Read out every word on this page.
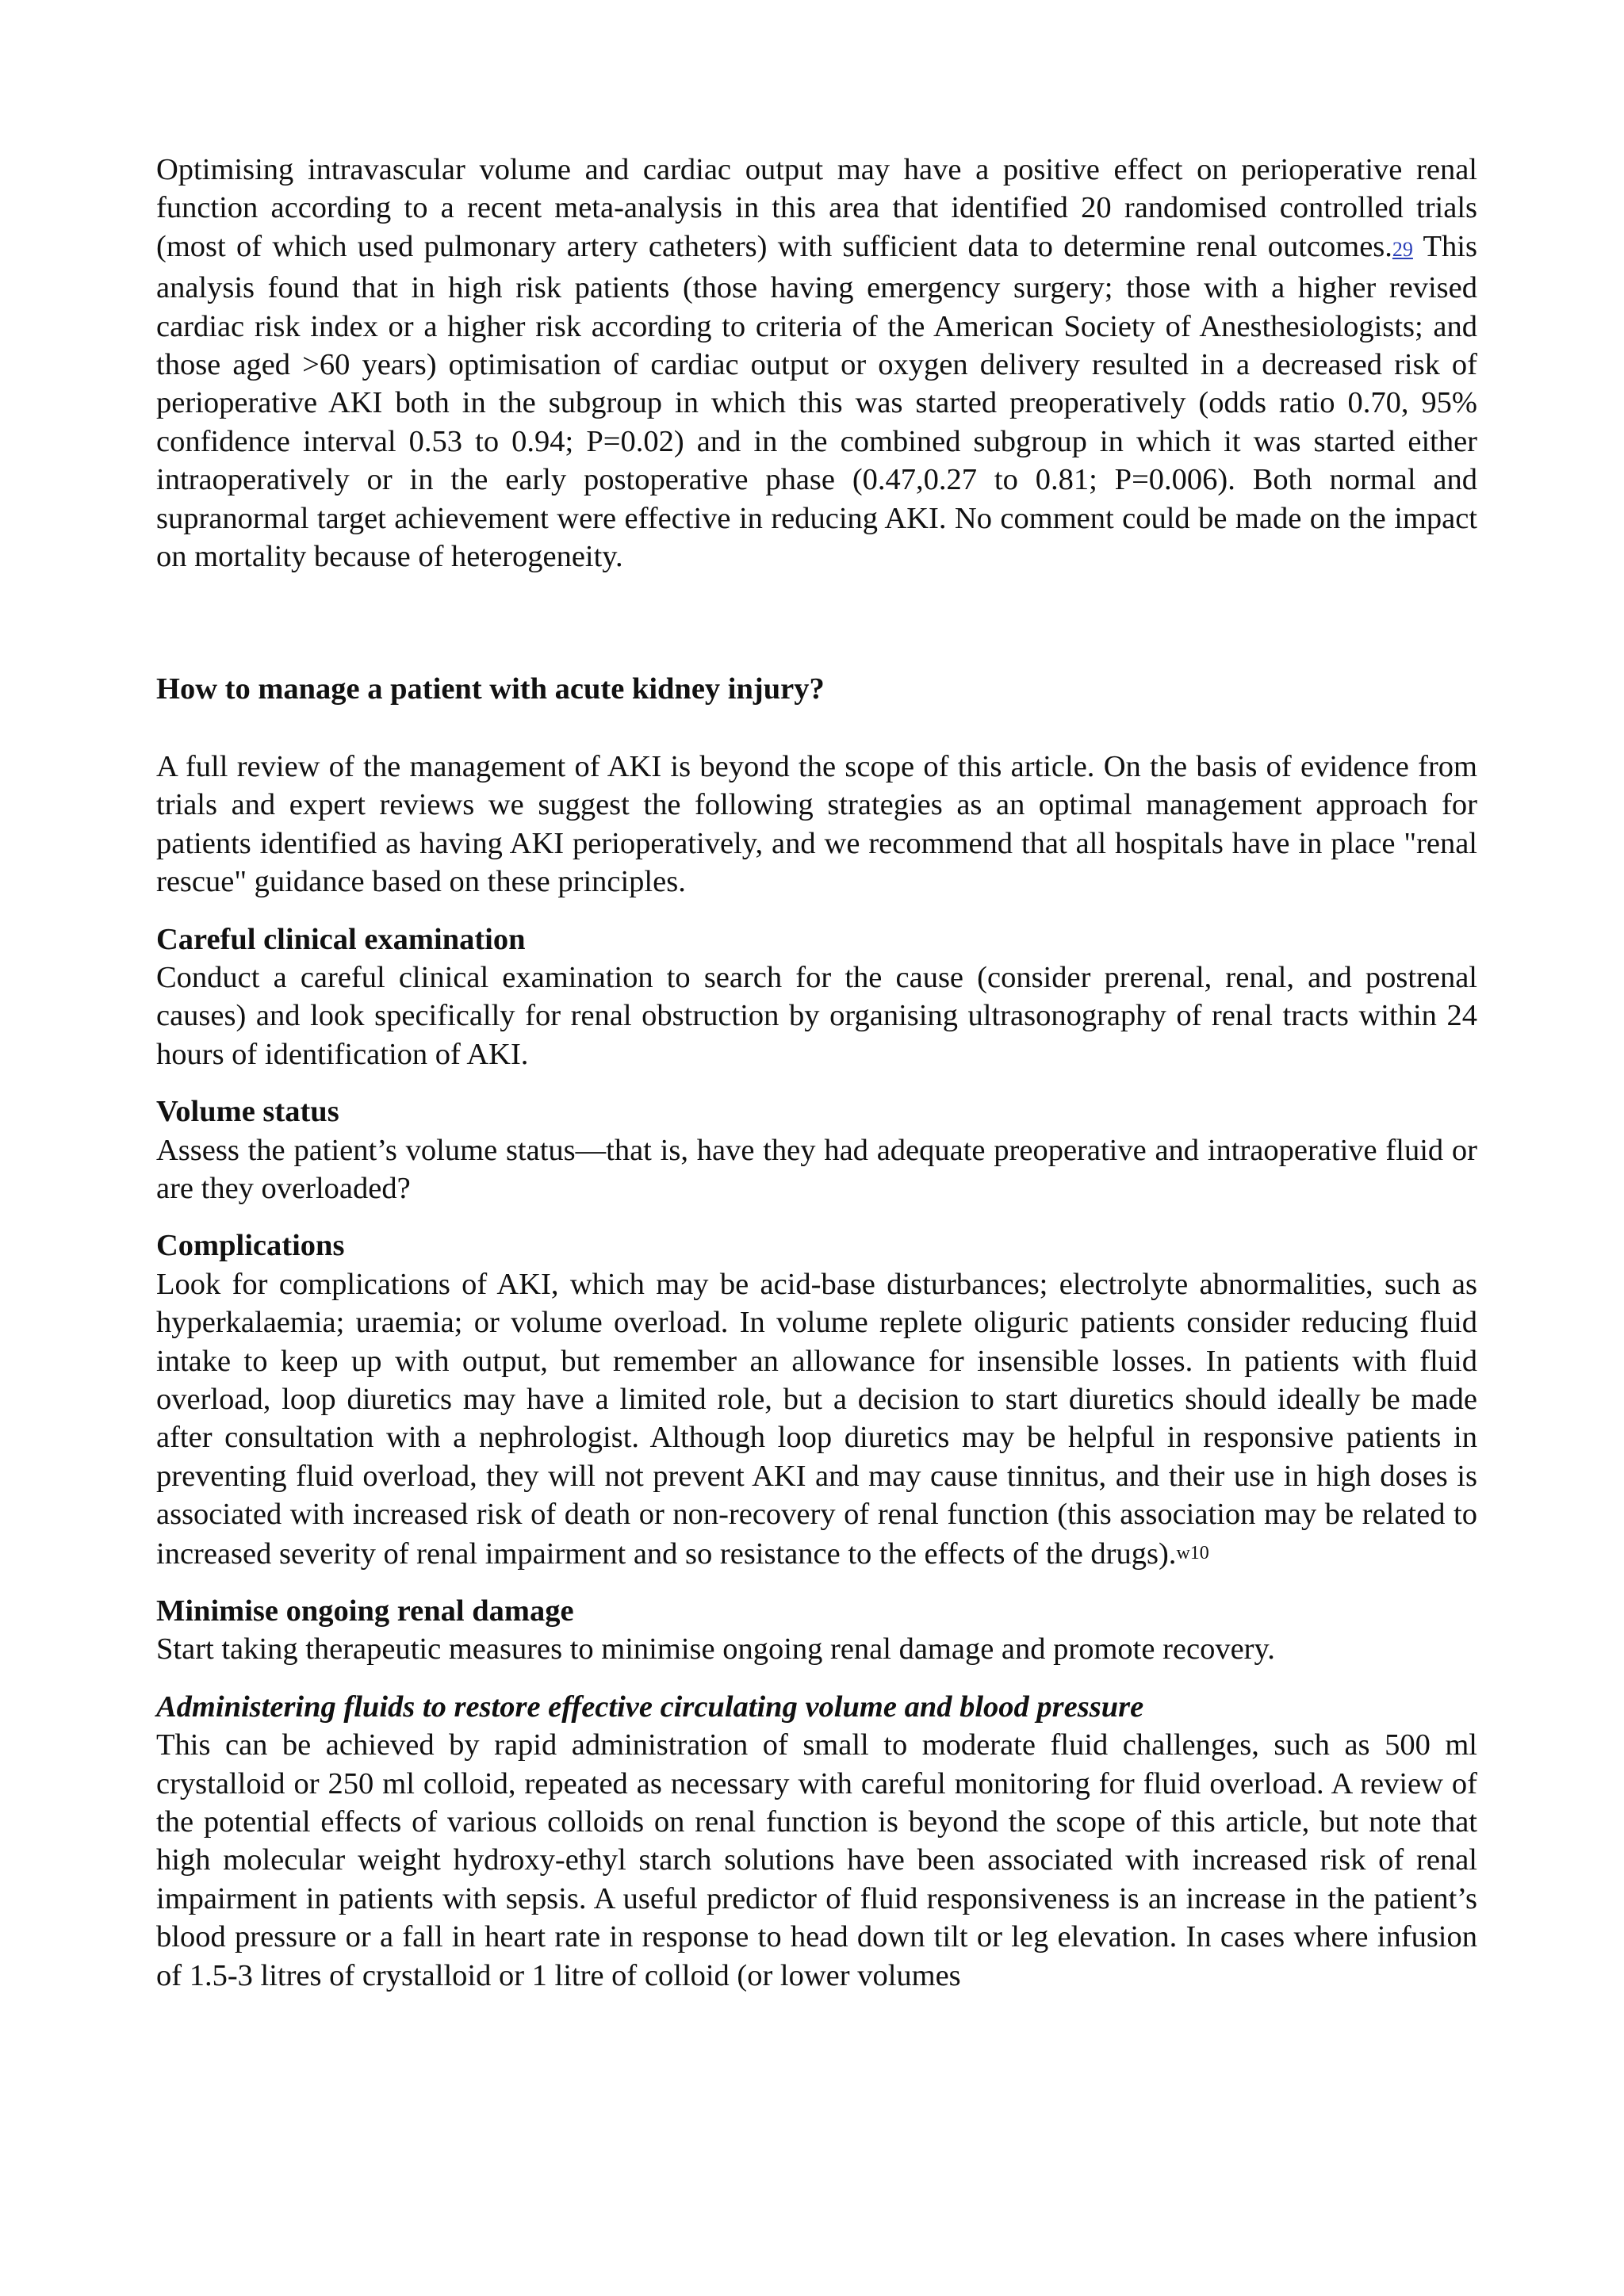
Optimising intravascular volume and cardiac output may have a positive effect on perioperative renal function according to a recent meta-analysis in this area that identified 20 randomised controlled trials (most of which used pulmonary artery catheters) with sufficient data to determine renal outcomes.29 This analysis found that in high risk patients (those having emergency surgery; those with a higher revised cardiac risk index or a higher risk according to criteria of the American Society of Anesthesiologists; and those aged >60 years) optimisation of cardiac output or oxygen delivery resulted in a decreased risk of perioperative AKI both in the subgroup in which this was started preoperatively (odds ratio 0.70, 95% confidence interval 0.53 to 0.94; P=0.02) and in the combined subgroup in which it was started either intraoperatively or in the early postoperative phase (0.47,0.27 to 0.81; P=0.006). Both normal and supranormal target achievement were effective in reducing AKI. No comment could be made on the impact on mortality because of heterogeneity.

How to manage a patient with acute kidney injury?

A full review of the management of AKI is beyond the scope of this article. On the basis of evidence from trials and expert reviews we suggest the following strategies as an optimal management approach for patients identified as having AKI perioperatively, and we recommend that all hospitals have in place "renal rescue" guidance based on these principles.

Careful clinical examination

Conduct a careful clinical examination to search for the cause (consider prerenal, renal, and postrenal causes) and look specifically for renal obstruction by organising ultrasonography of renal tracts within 24 hours of identification of AKI.

Volume status

Assess the patient’s volume status—that is, have they had adequate preoperative and intraoperative fluid or are they overloaded?

Complications

Look for complications of AKI, which may be acid-base disturbances; electrolyte abnormalities, such as hyperkalaemia; uraemia; or volume overload. In volume replete oliguric patients consider reducing fluid intake to keep up with output, but remember an allowance for insensible losses. In patients with fluid overload, loop diuretics may have a limited role, but a decision to start diuretics should ideally be made after consultation with a nephrologist. Although loop diuretics may be helpful in responsive patients in preventing fluid overload, they will not prevent AKI and may cause tinnitus, and their use in high doses is associated with increased risk of death or non-recovery of renal function (this association may be related to increased severity of renal impairment and so resistance to the effects of the drugs).$^{w10}$

Minimise ongoing renal damage

Start taking therapeutic measures to minimise ongoing renal damage and promote recovery.

Administering fluids to restore effective circulating volume and blood pressure

This can be achieved by rapid administration of small to moderate fluid challenges, such as 500 ml crystalloid or 250 ml colloid, repeated as necessary with careful monitoring for fluid overload. A review of the potential effects of various colloids on renal function is beyond the scope of this article, but note that high molecular weight hydroxy-ethyl starch solutions have been associated with increased risk of renal impairment in patients with sepsis. A useful predictor of fluid responsiveness is an increase in the patient’s blood pressure or a fall in heart rate in response to head down tilt or leg elevation. In cases where infusion of 1.5-3 litres of crystalloid or 1 litre of colloid (or lower volumes
